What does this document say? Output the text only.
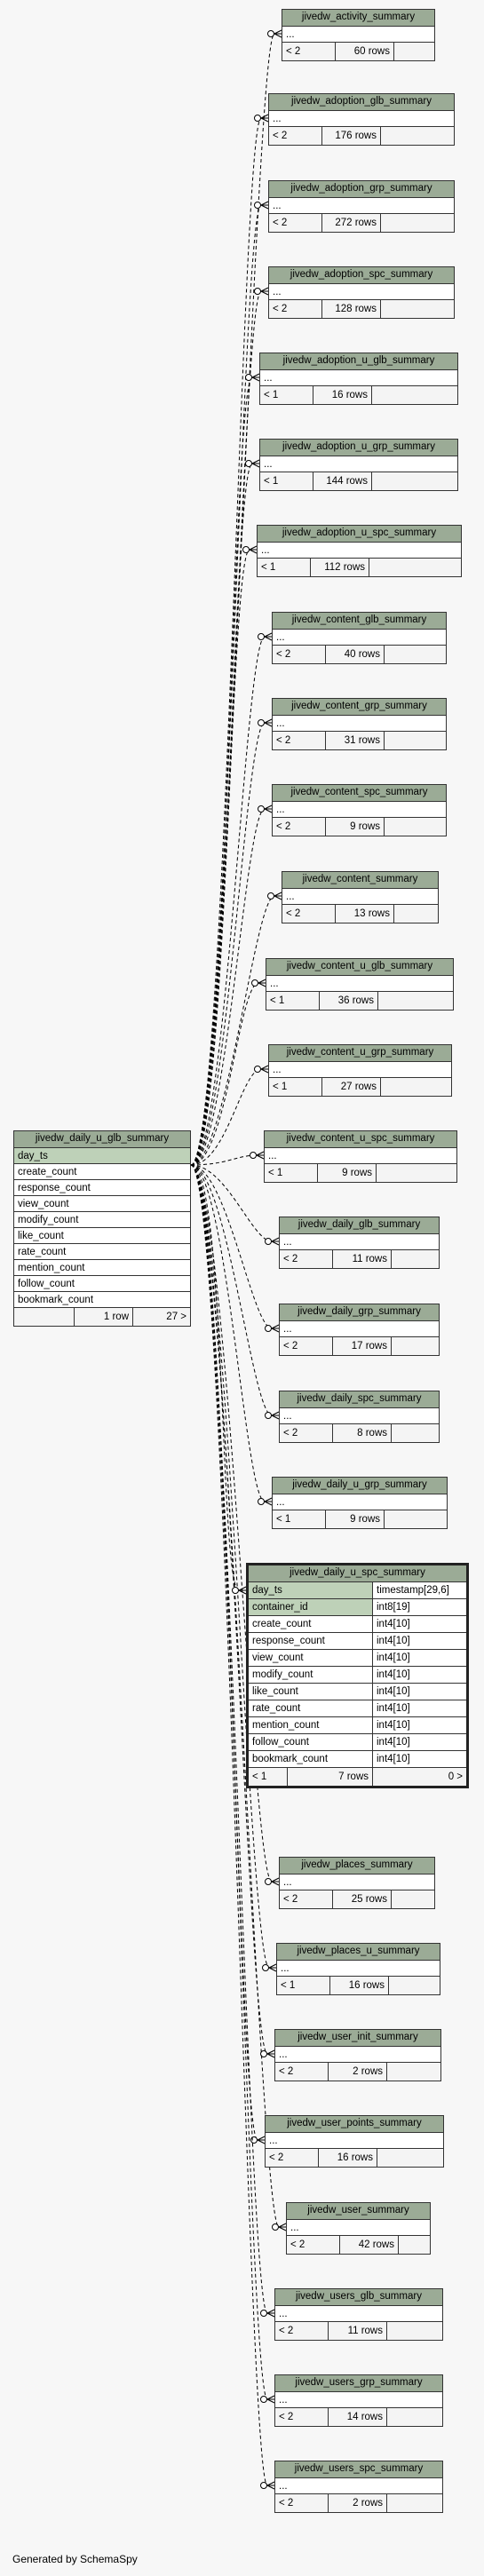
jivedw_daily_u_glb_summary
day_ts
create_count
response_count
view_count
modify_count
like_count
rate_count
mention_count
follow_count
bookmark_count
1 row	27 >
jivedw_daily_u_spc_summary
day_ts	timestamp[29,6]
container_id	int8[19]
create_count	int4[10]
response_count	int4[10]
view_count	int4[10]
modify_count	int4[10]
like_count	int4[10]
rate_count	int4[10]
mention_count	int4[10]
follow_count	int4[10]
bookmark_count	int4[10]
< 1	7 rows	0 >
jivedw_activity_summary
...
< 2	60 rows
jivedw_adoption_glb_summary
...
< 2	176 rows
jivedw_adoption_grp_summary
...
< 2	272 rows
jivedw_adoption_spc_summary
...
< 2	128 rows
jivedw_adoption_u_glb_summary
...
< 1	16 rows
jivedw_adoption_u_grp_summary
...
< 1	144 rows
jivedw_adoption_u_spc_summary
...
< 1	112 rows
jivedw_content_glb_summary
...
< 2	40 rows
jivedw_content_grp_summary
...
< 2	31 rows
jivedw_content_spc_summary
...
< 2	9 rows
jivedw_content_summary
...
< 2	13 rows
jivedw_content_u_glb_summary
...
< 1	36 rows
jivedw_content_u_grp_summary
...
< 1	27 rows
jivedw_content_u_spc_summary
...
< 1	9 rows
jivedw_daily_glb_summary
...
< 2	11 rows
jivedw_daily_grp_summary
...
< 2	17 rows
jivedw_daily_spc_summary
...
< 2	8 rows
jivedw_daily_u_grp_summary
...
< 1	9 rows
jivedw_places_summary
...
< 2	25 rows
jivedw_places_u_summary
...
< 1	16 rows
jivedw_user_init_summary
...
< 2	2 rows
jivedw_user_points_summary
...
< 2	16 rows
jivedw_user_summary
...
< 2	42 rows
jivedw_users_glb_summary
...
< 2	11 rows
jivedw_users_grp_summary
...
< 2	14 rows
jivedw_users_spc_summary
...
< 2	2 rows
Generated by SchemaSpy
